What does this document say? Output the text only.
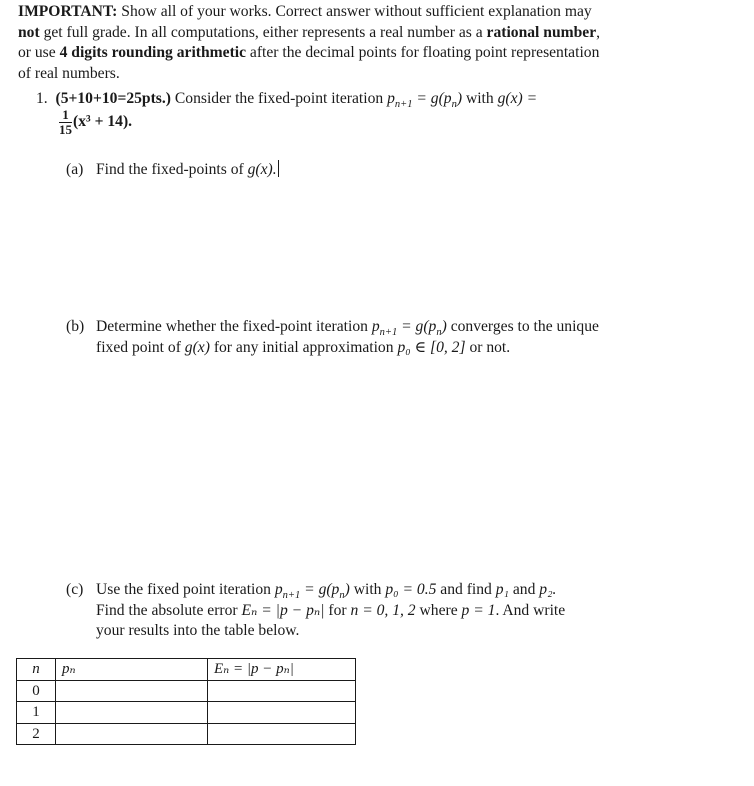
IMPORTANT: Show all of your works. Correct answer without sufficient explanation may
not get full grade. In all computations, either represents a real number as a rational number,
or use 4 digits rounding arithmetic after the decimal points for floating point representation
of real numbers.
1. (5+10+10=25pts.) Consider the fixed-point iteration $p_{n+1} = g(p_n)$ with g(x) =
$\frac{1}{15} (x^3 + 14)$.
(a) Find the fixed-points of g(x).
(b) Determine whether the fixed-point iteration $p_{n+1} = g(p_n)$ converges to the unique
fixed point of g(x) for any initial approximation p₀ ∈ [0, 2] or not.
(c) Use the fixed point iteration $p_{n+1} = g(p_n)$ with p₀ = 0.5 and find p₁ and p₂.
Find the absolute error Eₙ = |p − pₙ| for n = 0, 1, 2 where p = 1. And write
your results into the table below.
n	pₙ	Eₙ = |p − pₙ|
0		
1		
2		
